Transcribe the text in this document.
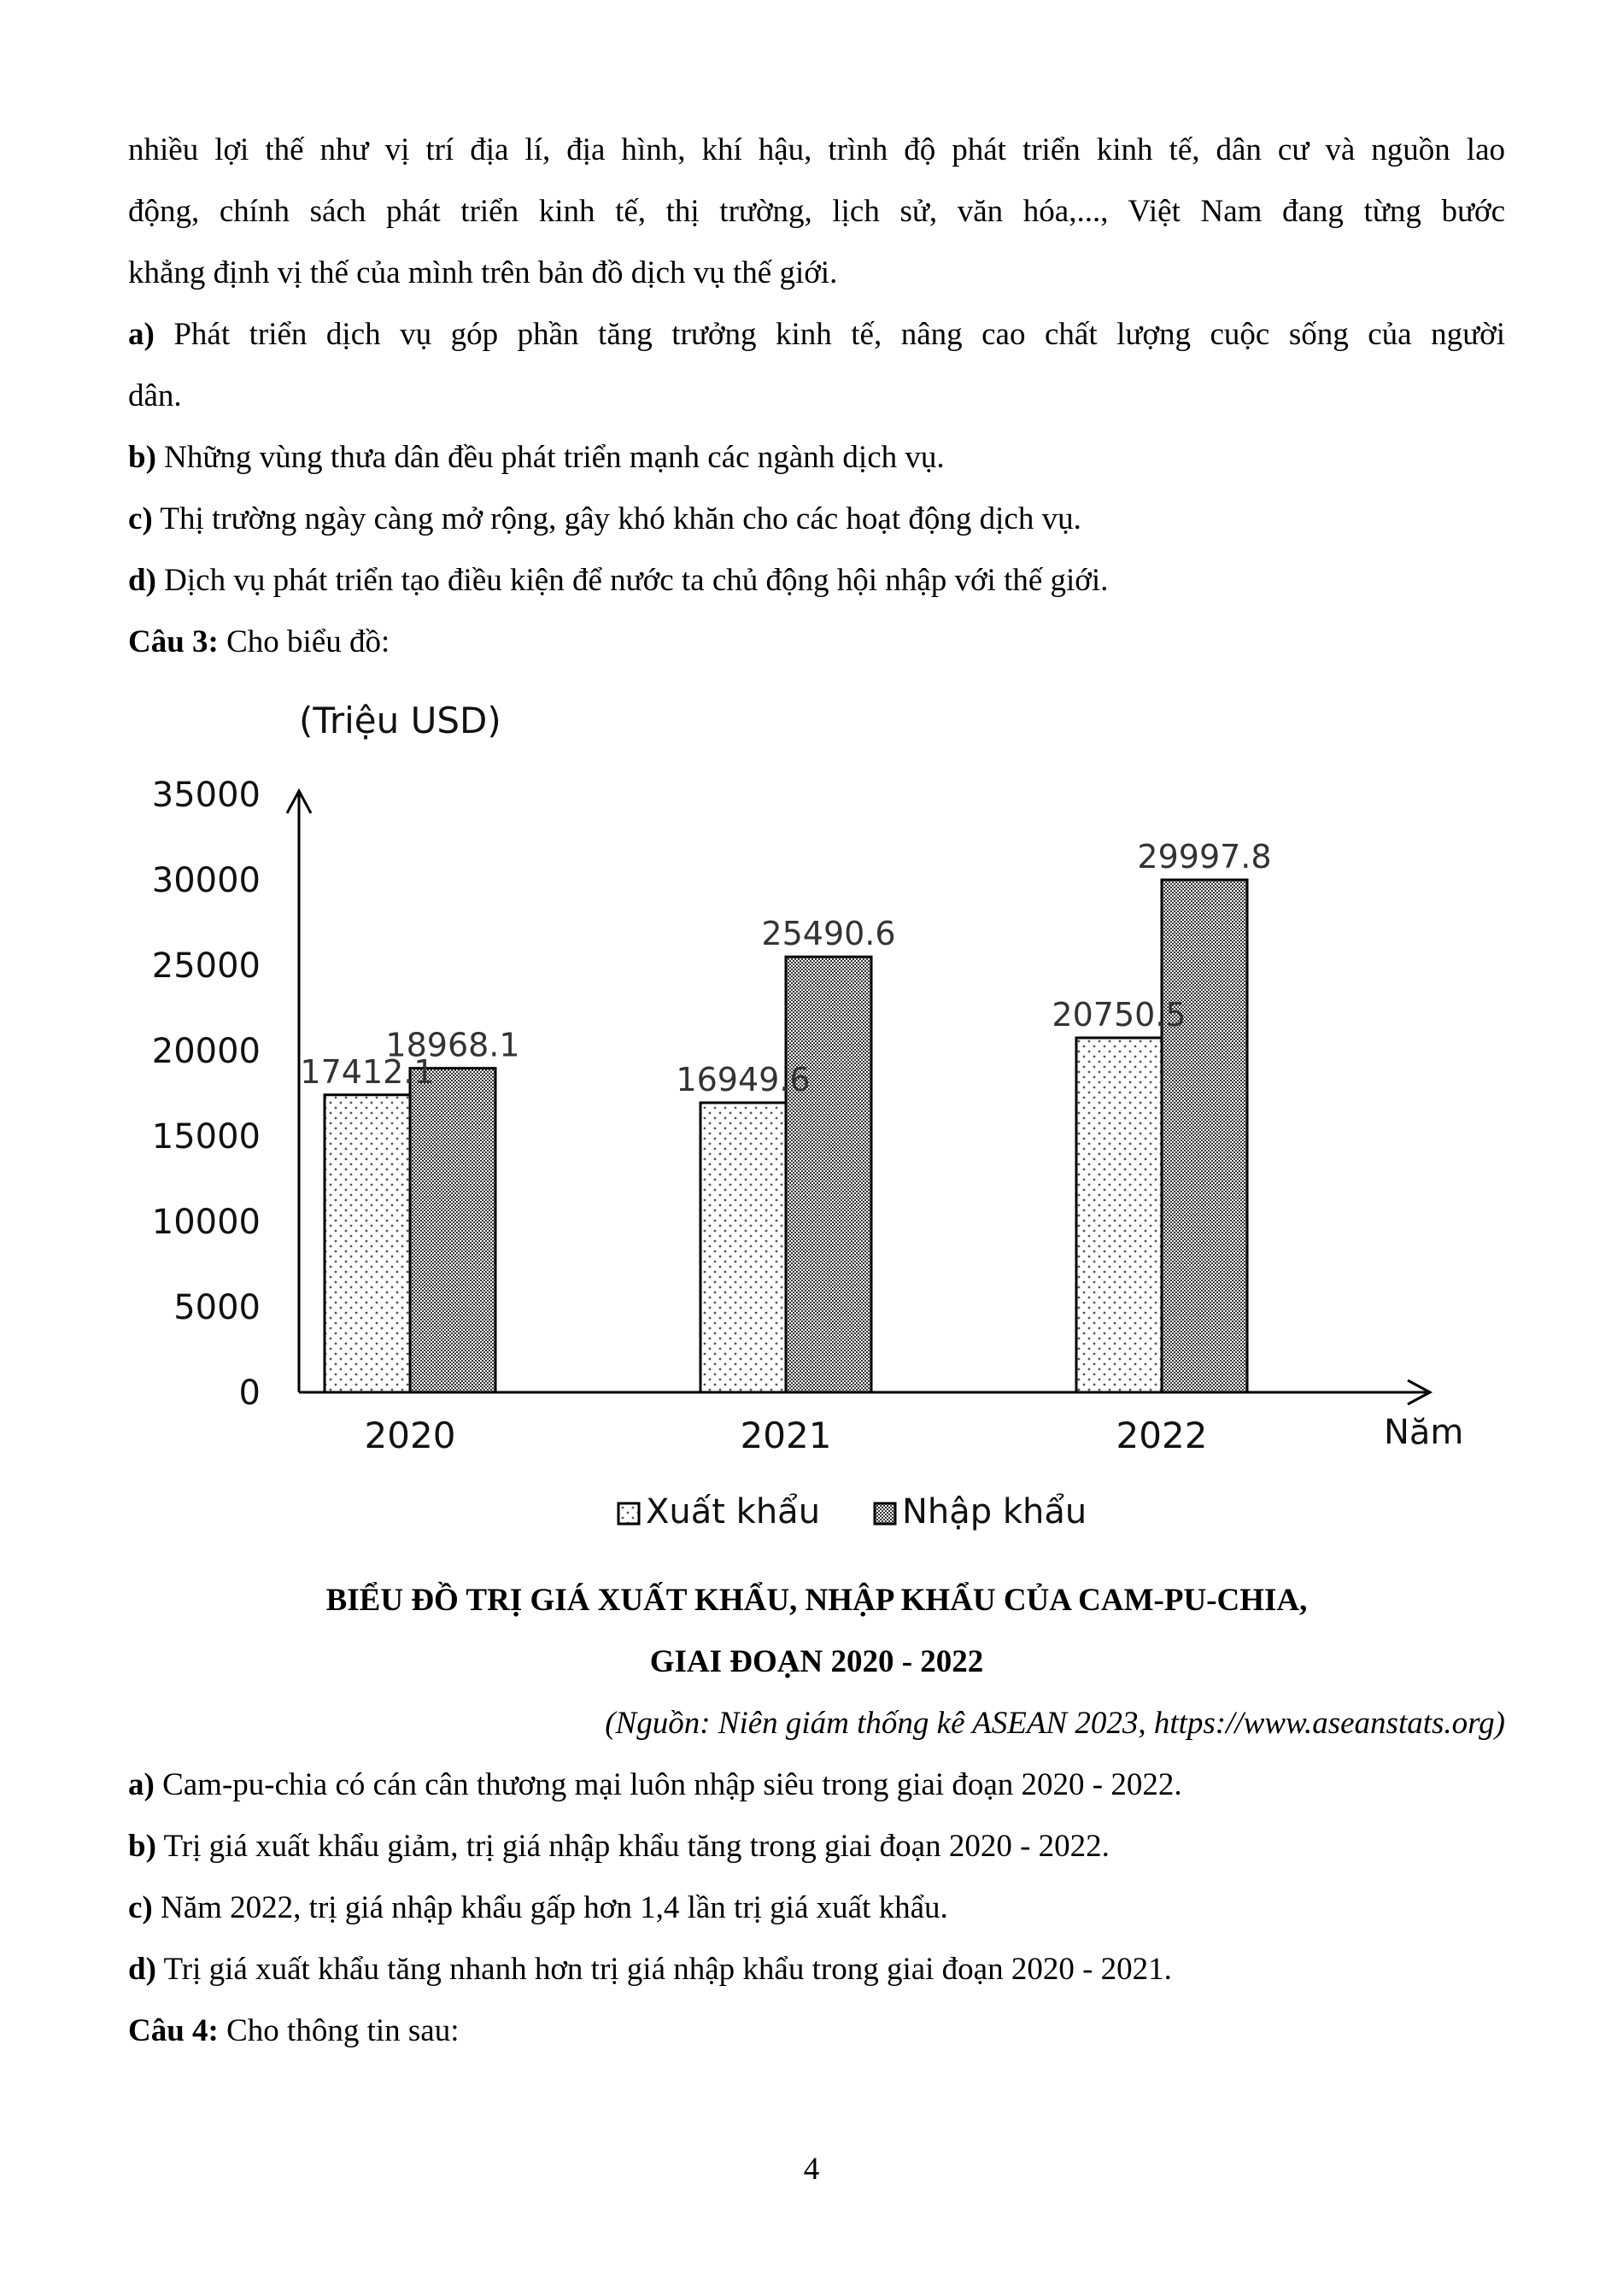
nhiều lợi thế như vị trí địa lí, địa hình, khí hậu, trình độ phát triển kinh tế, dân cư và nguồn lao
động, chính sách phát triển kinh tế, thị trường, lịch sử, văn hóa,..., Việt Nam đang từng bước
khẳng định vị thế của mình trên bản đồ dịch vụ thế giới.
a) Phát triển dịch vụ góp phần tăng trưởng kinh tế, nâng cao chất lượng cuộc sống của người
dân.
b) Những vùng thưa dân đều phát triển mạnh các ngành dịch vụ.
c) Thị trường ngày càng mở rộng, gây khó khăn cho các hoạt động dịch vụ.
d) Dịch vụ phát triển tạo điều kiện để nước ta chủ động hội nhập với thế giới.
Câu 3: Cho biểu đồ:
(Triệu USD)
0
5000
10000
15000
20000
25000
30000
35000
17412.1	16949.6
20750.5
18968.1
25490.6
29997.8
2020	2021	2022	Năm
Xuất khẩu Nhập khẩu
BIỂU ĐỒ TRỊ GIÁ XUẤT KHẨU, NHẬP KHẨU CỦA CAM-PU-CHIA,
GIAI ĐOẠN 2020 - 2022
(Nguồn: Niên giám thống kê ASEAN 2023, https://www.aseanstats.org)
a) Cam-pu-chia có cán cân thương mại luôn nhập siêu trong giai đoạn 2020 - 2022.
b) Trị giá xuất khẩu giảm, trị giá nhập khẩu tăng trong giai đoạn 2020 - 2022.
c) Năm 2022, trị giá nhập khẩu gấp hơn 1,4 lần trị giá xuất khẩu.
d) Trị giá xuất khẩu tăng nhanh hơn trị giá nhập khẩu trong giai đoạn 2020 - 2021.
Câu 4: Cho thông tin sau:
4
